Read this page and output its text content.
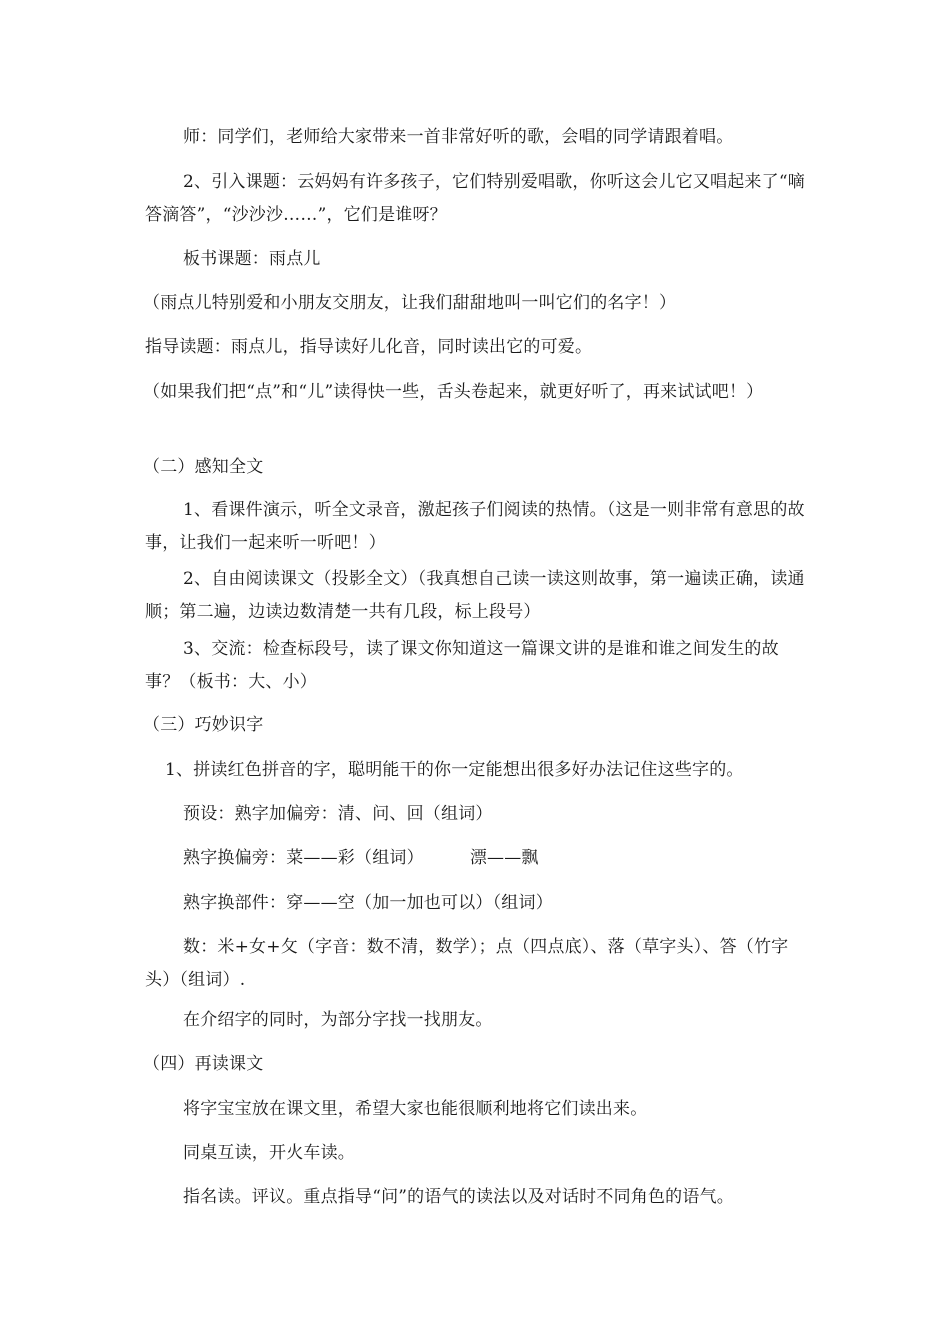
师：同学们，老师给大家带来一首非常好听的歌，会唱的同学请跟着唱。

2、引入课题：云妈妈有许多孩子，它们特别爱唱歌，你听这会儿它又唱起来了“嘀答滴答”，“沙沙沙……”，它们是谁呀？

板书课题：雨点儿

（雨点儿特别爱和小朋友交朋友，让我们甜甜地叫一叫它们的名字！）

指导读题：雨点儿，指导读好儿化音，同时读出它的可爱。

（如果我们把“点”和“儿”读得快一些，舌头卷起来，就更好听了，再来试试吧！）

（二）感知全文

1、看课件演示，听全文录音，激起孩子们阅读的热情。（这是一则非常有意思的故事，让我们一起来听一听吧！）

2、自由阅读课文（投影全文）（我真想自己读一读这则故事，第一遍读正确，读通顺；第二遍，边读边数清楚一共有几段，标上段号）

3、交流：检查标段号，读了课文你知道这一篇课文讲的是谁和谁之间发生的故事？（板书：大、小）

（三）巧妙识字

1、拼读红色拼音的字，聪明能干的你一定能想出很多好办法记住这些字的。

预设：熟字加偏旁：清、问、回（组词）

熟字换偏旁：菜——彩（组词）	漂——飘

熟字换部件：穿——空（加一加也可以）（组词）

数：米+女+攵（字音：数不清，数学）；点（四点底）、落（草字头）、答（竹字头）（组词）.

在介绍字的同时，为部分字找一找朋友。

（四）再读课文

将字宝宝放在课文里，希望大家也能很顺利地将它们读出来。

同桌互读，开火车读。

指名读。评议。重点指导“问”的语气的读法以及对话时不同角色的语气。
